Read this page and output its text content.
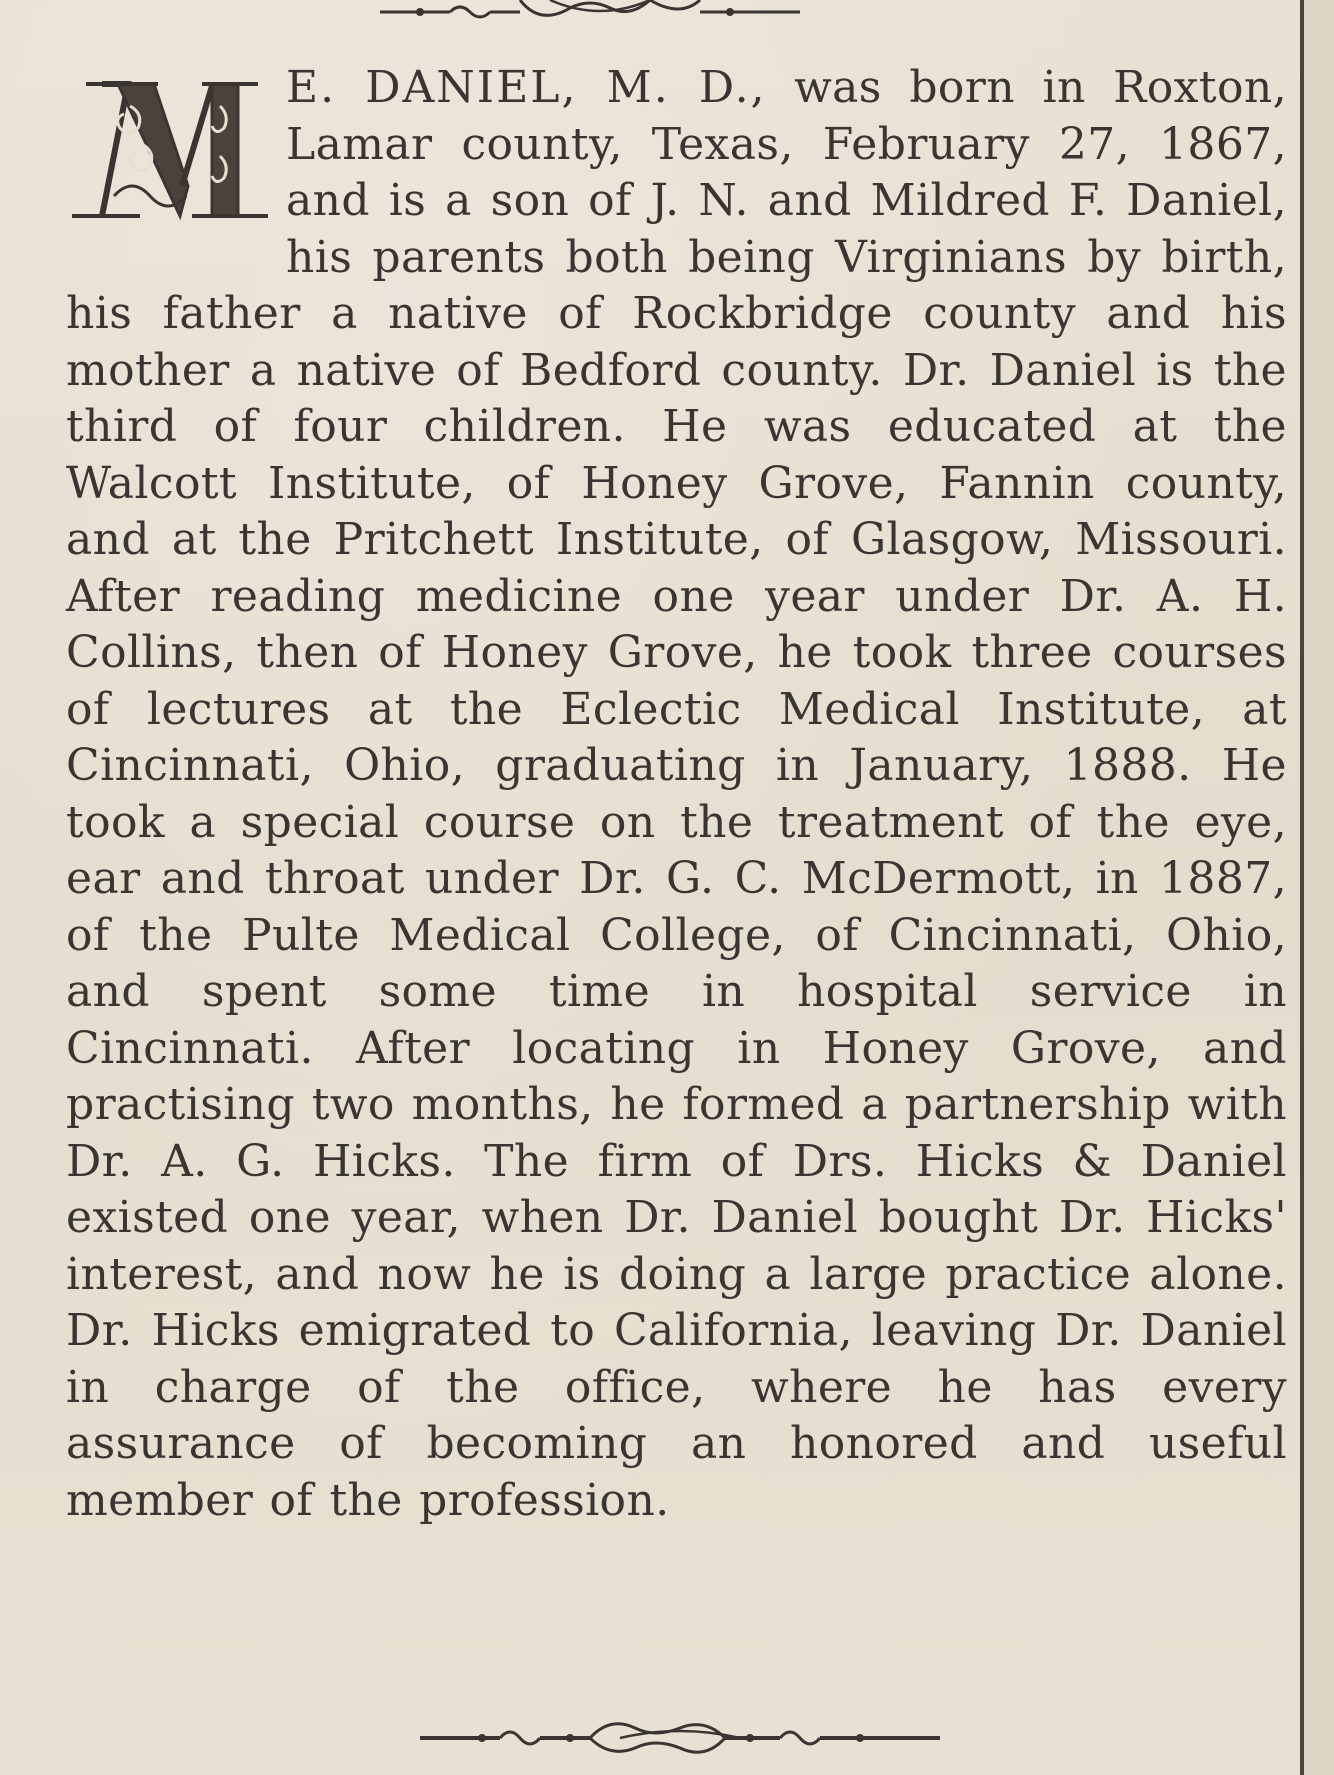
E. DANIEL, M. D., was born in Roxton, Lamar county, Texas, February 27, 1867, and is a son of J. N. and Mildred F. Daniel, his parents both being Virginians by birth, his father a native of Rockbridge county and his mother a native of Bedford county. Dr. Daniel is the third of four children. He was educated at the Walcott Institute, of Honey Grove, Fannin county, and at the Pritchett Institute, of Glasgow, Missouri. After reading medicine one year under Dr. A. H. Collins, then of Honey Grove, he took three courses of lectures at the Eclectic Medical Institute, at Cincinnati, Ohio, graduating in January, 1888. He took a special course on the treatment of the eye, ear and throat under Dr. G. C. McDermott, in 1887, of the Pulte Medical College, of Cincinnati, Ohio, and spent some time in hospital service in Cincinnati. After locating in Honey Grove, and practising two months, he formed a partnership with Dr. A. G. Hicks. The firm of Drs. Hicks & Daniel existed one year, when Dr. Daniel bought Dr. Hicks' interest, and now he is doing a large practice alone. Dr. Hicks emigrated to California, leaving Dr. Daniel in charge of the office, where he has every assurance of becoming an honored and useful member of the profession.
